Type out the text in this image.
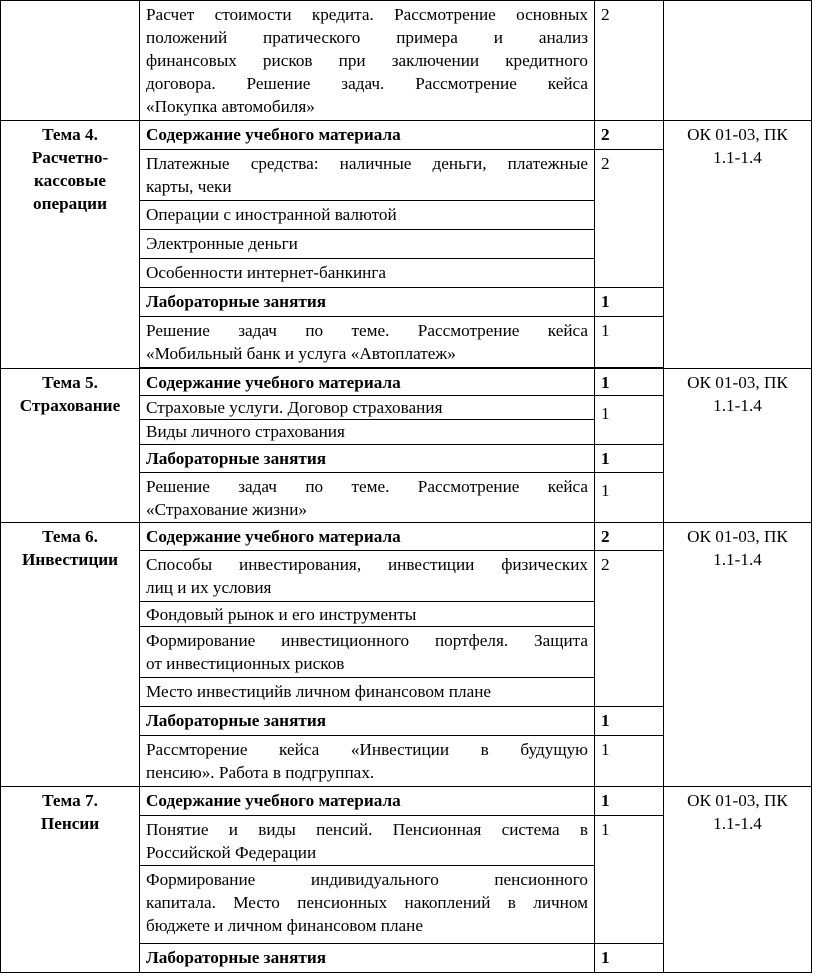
	Расчет стоимости кредита. Рассмотрение основных
положений пратического примера и анализ
финансовых рисков при заключении кредитного
договора. Решение задач. Рассмотрение кейса
«Покупка автомобиля»	2	

Тема 4.
Расчетно-
кассовые
операции	Содержание учебного материала	2	ОК 01-03, ПК
1.1-1.4

	Платежные средства: наличные деньги, платежные
карты, чеки	2	
	Операции с иностранной валютой		
	Электронные деньги		
	Особенности интернет-банкинга		
	Лабораторные занятия	1	

	Решение задач по теме. Рассмотрение кейса
«Мобильный банк и услуга «Автоплатеж»	1	

Тема 5.
Страхование	Содержание учебного материала	1	ОК 01-03, ПК
1.1-1.4

	Страховые услуги. Договор страхования	1	
	Виды личного страхования		
	Лабораторные занятия	1	

	Решение задач по теме. Рассмотрение кейса
«Страхование жизни»	1	

Тема 6.
Инвестиции	Содержание учебного материала	2	ОК 01-03, ПК
1.1-1.4

	Способы инвестирования, инвестиции физических
лиц и их условия	2	
	Фондовый рынок и его инструменты		

	Формирование инвестиционного портфеля. Защита
от инвестиционных рисков		

	Место инвестицийв личном финансовом плане		
	Лабораторные занятия	1	

	Рассмторение кейса «Инвестиции в будущую
пенсию». Работа в подгруппах.	1	

Тема 7.
Пенсии	Содержание учебного материала	1	ОК 01-03, ПК
1.1-1.4

	Понятие и виды пенсий. Пенсионная система в
Российской Федерации	1	

	Формирование индивидуального пенсионного
капитала. Место пенсионных накоплений в личном
бюджете и личном финансовом плане		

	Лабораторные занятия	1	
